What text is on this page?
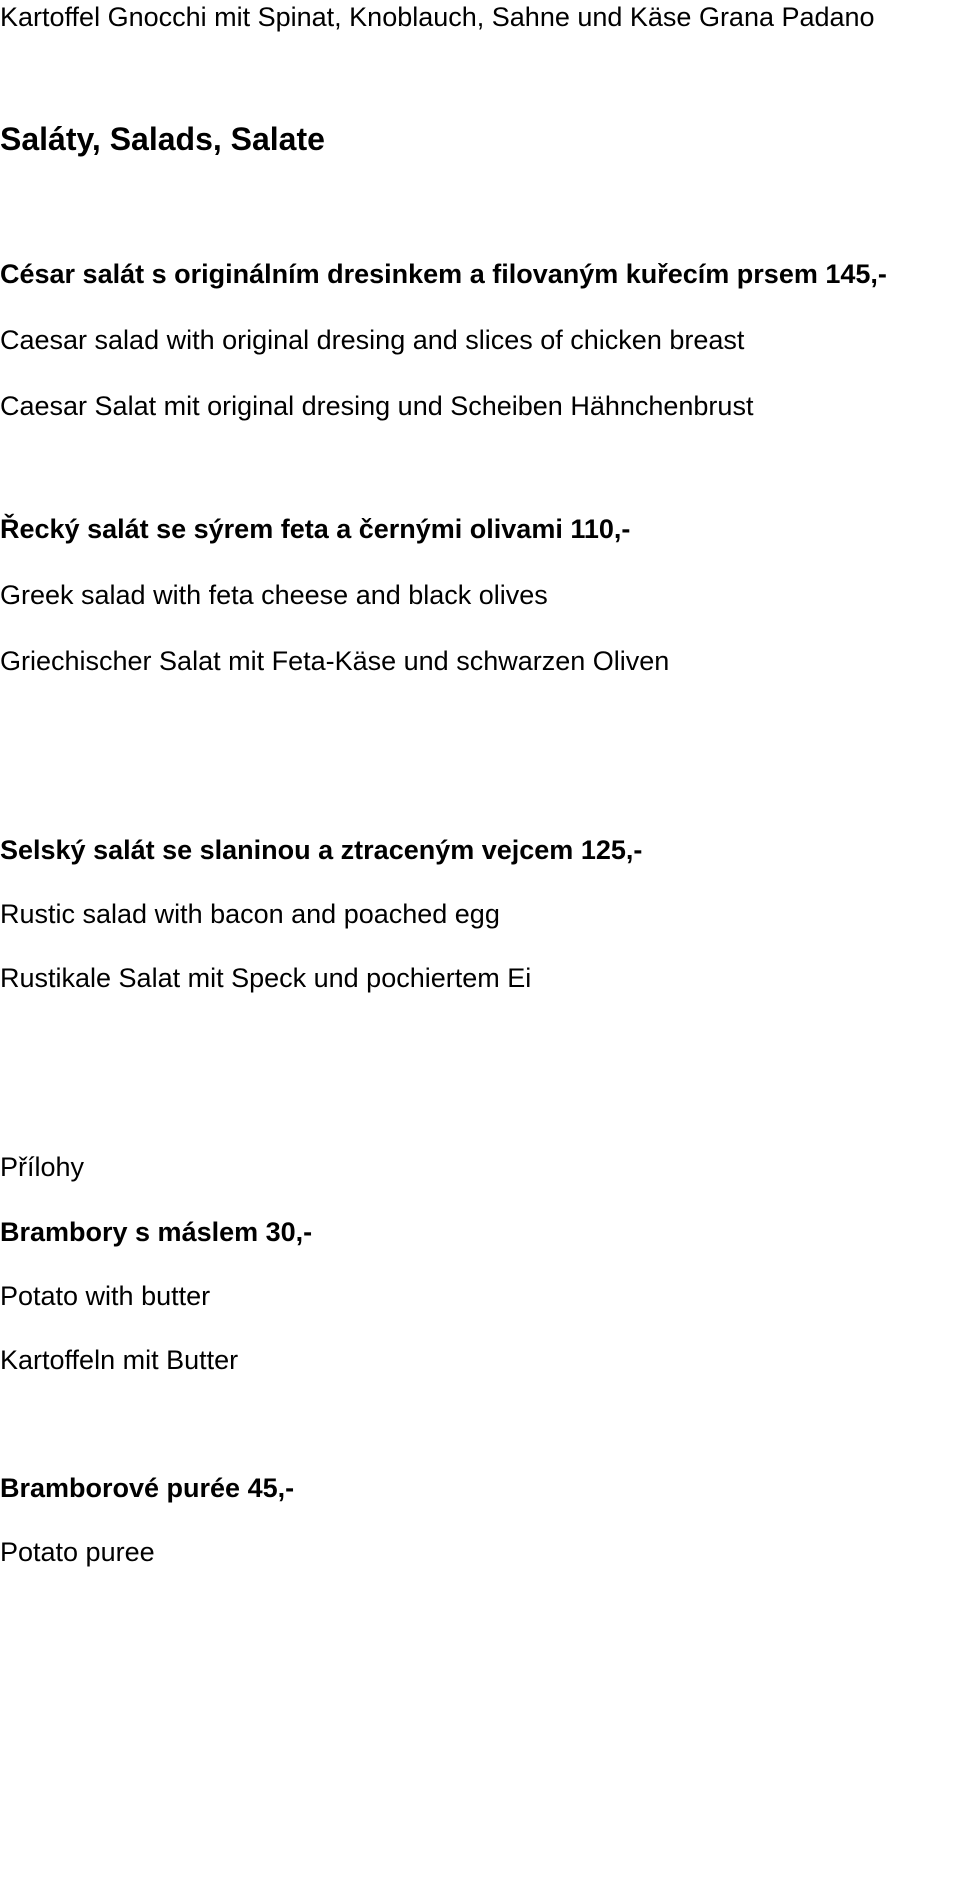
Kartoffel Gnocchi mit Spinat, Knoblauch, Sahne und Käse Grana Padano
Saláty, Salads, Salate
César salát s originálním dresinkem a filovaným kuřecím prsem 145,-
Caesar salad with original dresing and slices of chicken breast
Caesar Salat mit original dresing und Scheiben Hähnchenbrust
Řecký salát se sýrem feta a černými olivami 110,-
Greek salad with feta cheese and black olives
Griechischer Salat mit Feta-Käse und schwarzen Oliven
Selský salát se slaninou a ztraceným vejcem 125,-
Rustic salad with bacon and poached egg
Rustikale Salat mit Speck und pochiertem Ei
Přílohy
Brambory s máslem 30,-
Potato with butter
Kartoffeln mit Butter
Bramborové purée 45,-
Potato puree
